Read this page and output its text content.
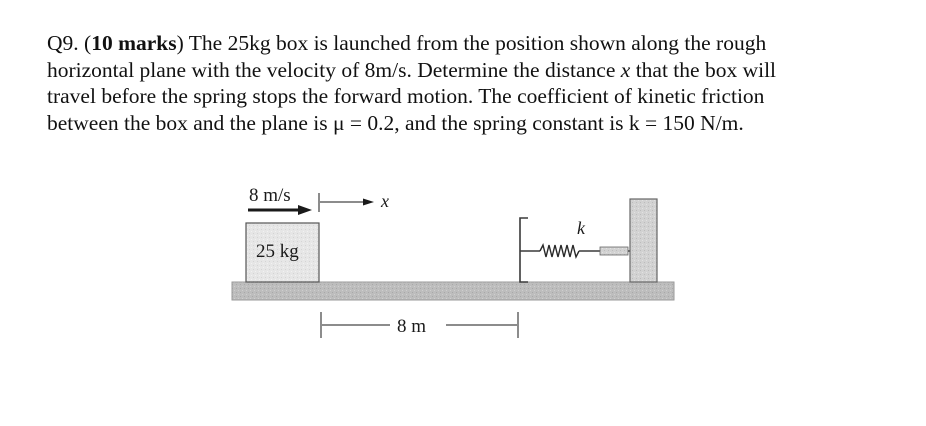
Q9. (10 marks) The 25kg box is launched from the position shown along the rough
horizontal plane with the velocity of 8m/s. Determine the distance x that the box will
travel before the spring stops the forward motion. The coefficient of kinetic friction
between the box and the plane is μ = 0.2, and the spring constant is k = 150 N/m.
8 m/s	x
25 kg
k
8 m
